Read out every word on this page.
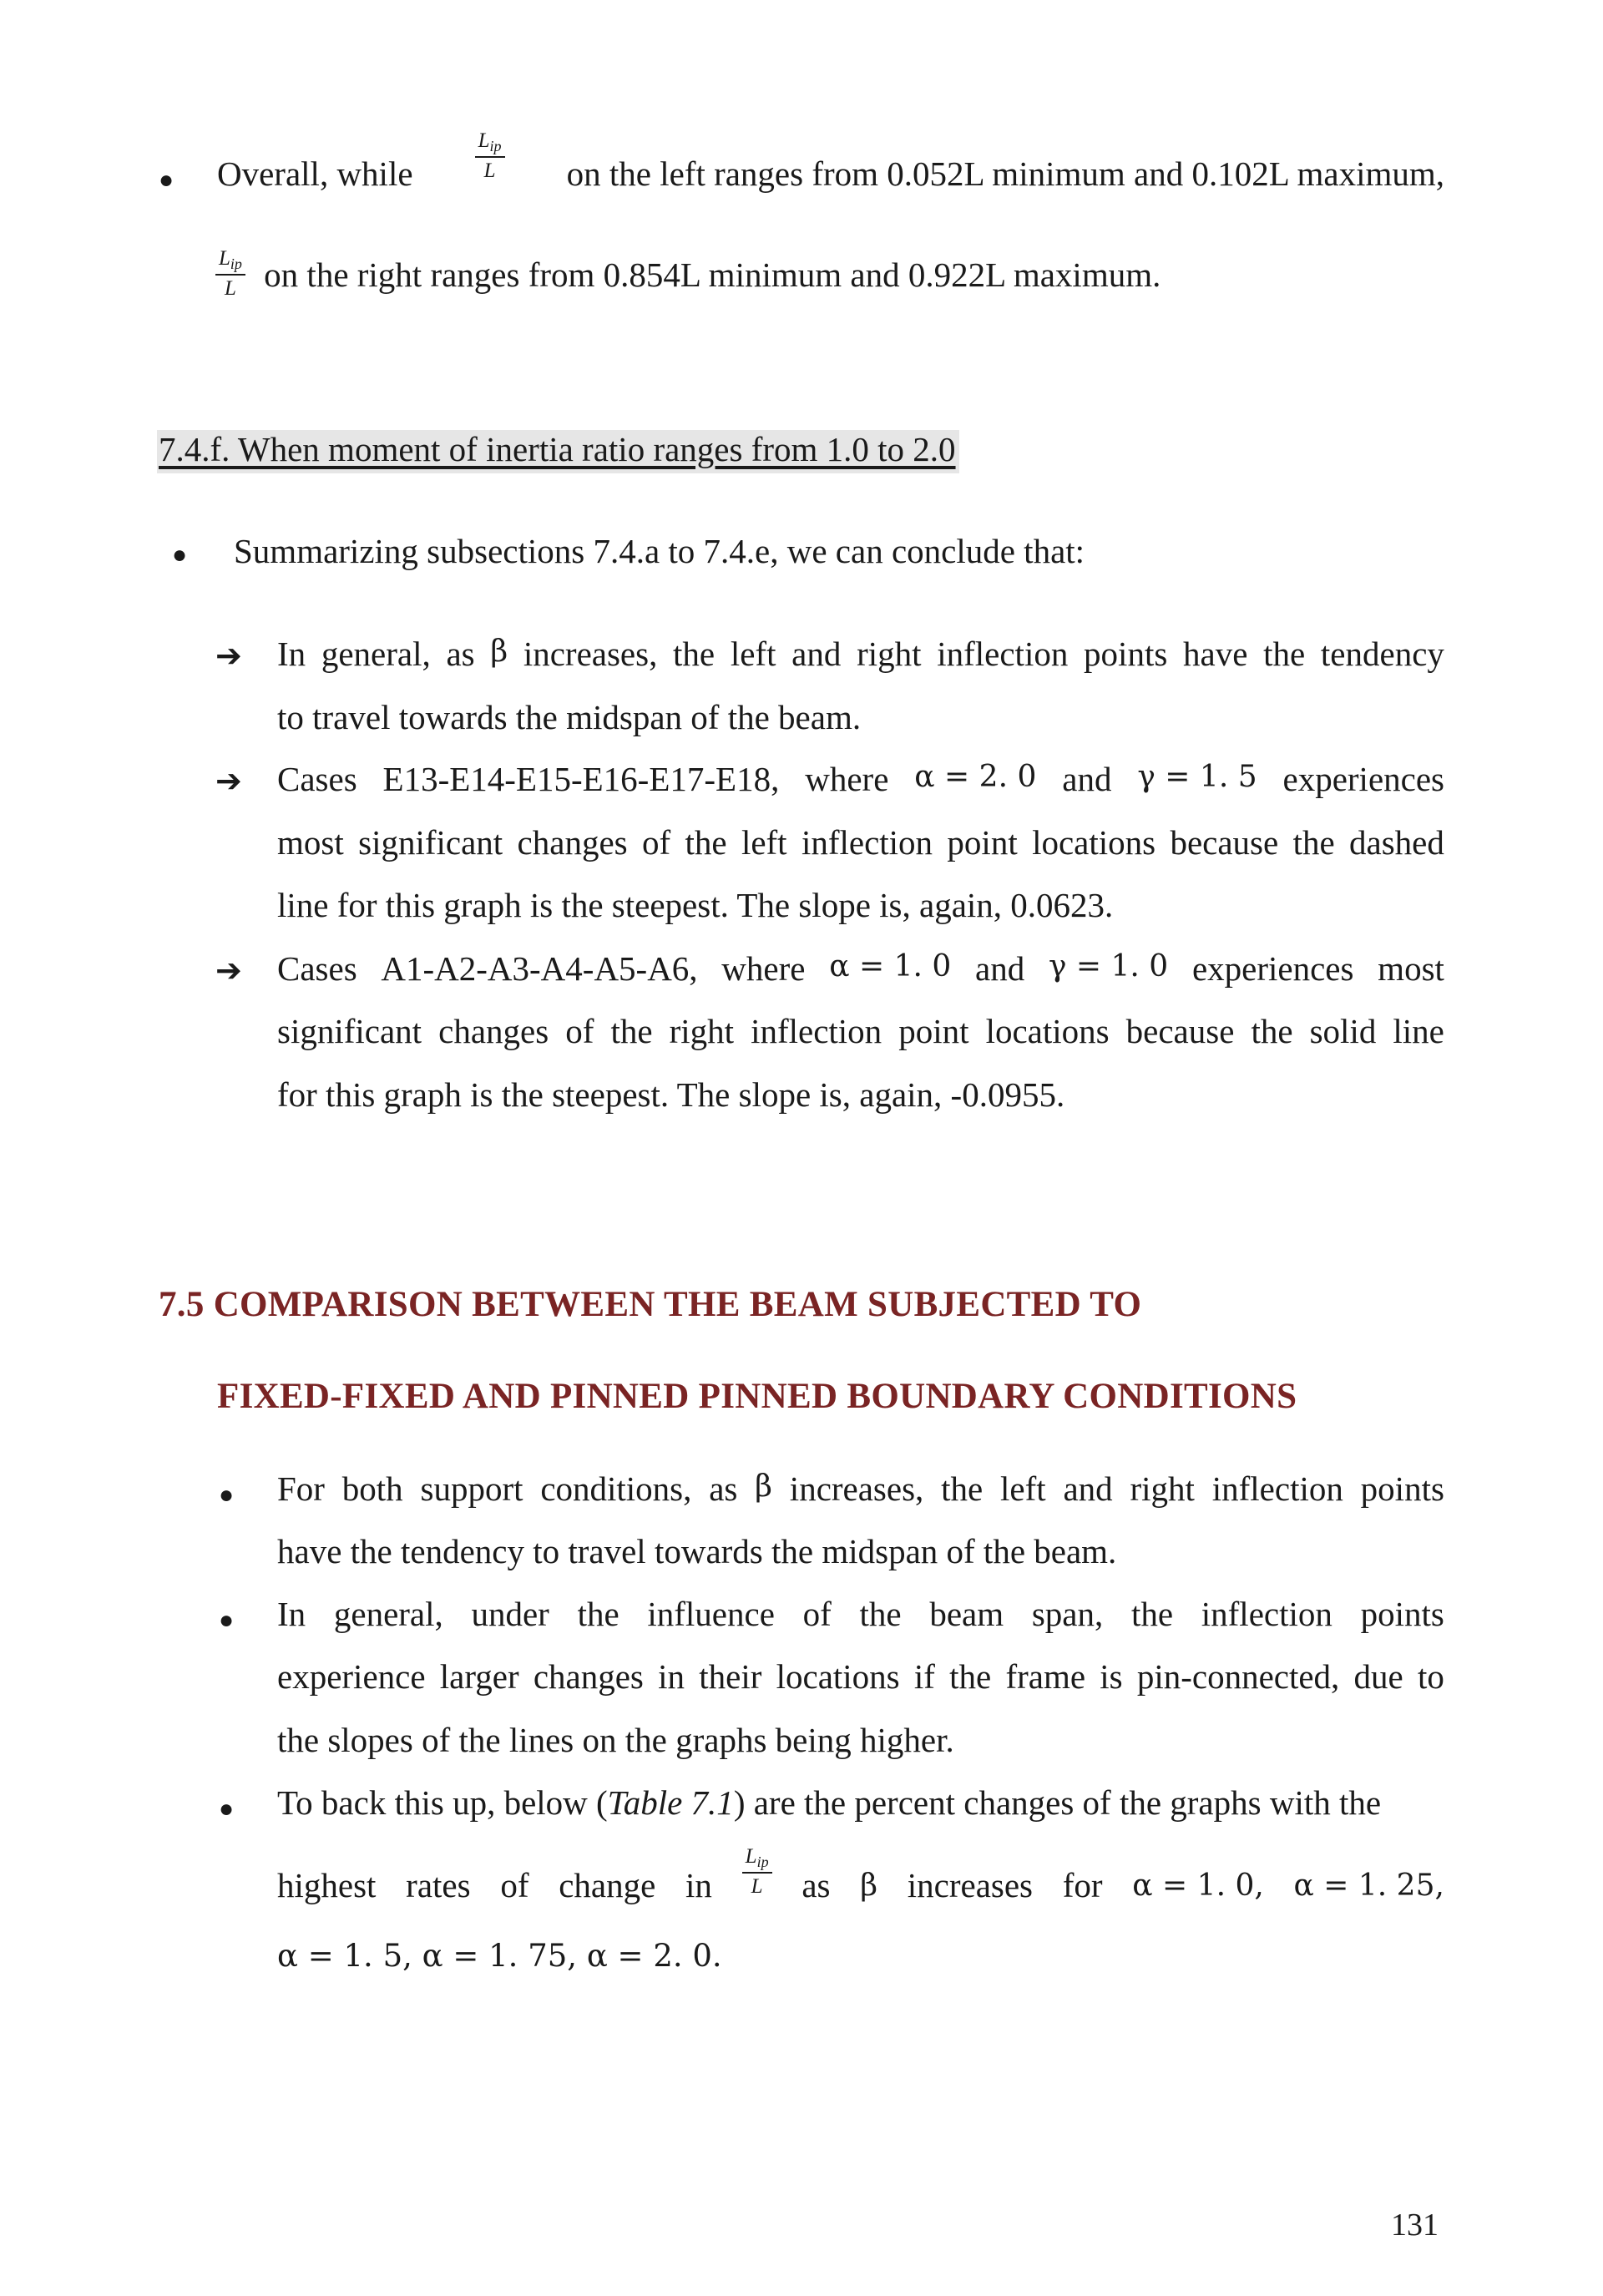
● Overall, while	$\frac{L_{ip}}{L}$ on the left ranges from 0.052L minimum and 0.102L maximum,
$\frac{L_{ip}}{L}$ on the right ranges from 0.854L minimum and 0.922L maximum.
7.4.f. When moment of inertia ratio ranges from 1.0 to 2.0
● Summarizing subsections 7.4.a to 7.4.e, we can conclude that:
➔ In general, as β increases, the left and right inflection points have the tendency
to travel towards the midspan of the beam.
➔ Cases E13-E14-E15-E16-E17-E18, where α = 2. 0 and γ = 1. 5 experiences
most significant changes of the left inflection point locations because the dashed
line for this graph is the steepest. The slope is, again, 0.0623.
➔ Cases A1-A2-A3-A4-A5-A6, where α = 1. 0 and γ = 1. 0 experiences most
significant changes of the right inflection point locations because the solid line
for this graph is the steepest. The slope is, again, -0.0955.
7.5 COMPARISON BETWEEN THE BEAM SUBJECTED TO
FIXED-FIXED AND PINNED PINNED BOUNDARY CONDITIONS
● For both support conditions, as β increases, the left and right inflection points
have the tendency to travel towards the midspan of the beam.
● In general, under the influence of the beam span, the inflection points
experience larger changes in their locations if the frame is pin-connected, due to
the slopes of the lines on the graphs being higher.
● To back this up, below (Table 7.1) are the percent changes of the graphs with the
highest rates of change in $\frac{L_{ip}}{L}$ as β increases for α = 1. 0, α = 1. 25,
α = 1. 5, α = 1. 75, α = 2. 0.
131
